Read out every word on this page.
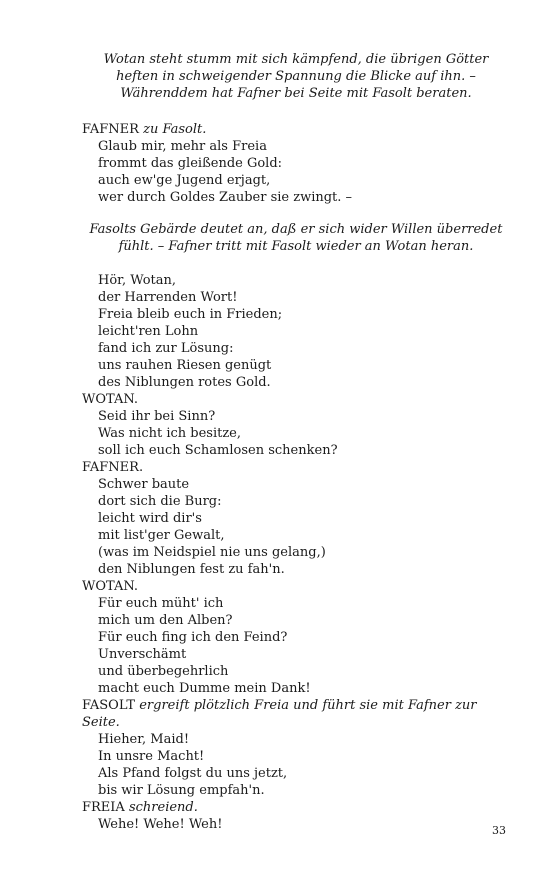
Wotan steht stumm mit sich kämpfend, die übrigen Götter heften in schweigender Spannung die Blicke auf ihn. – Währenddem hat Fafner bei Seite mit Fasolt beraten.

FAFNER zu Fasolt.

Glaub mir, mehr als Freia

frommt das gleißende Gold:

auch ew'ge Jugend erjagt,

wer durch Goldes Zauber sie zwingt. –

Fasolts Gebärde deutet an, daß er sich wider Willen überredet fühlt. – Fafner tritt mit Fasolt wieder an Wotan heran.

Hör, Wotan,

der Harrenden Wort!

Freia bleib euch in Frieden;

leicht'ren Lohn

fand ich zur Lösung:

uns rauhen Riesen genügt

des Niblungen rotes Gold.

WOTAN.

Seid ihr bei Sinn?

Was nicht ich besitze,

soll ich euch Schamlosen schenken?

FAFNER.

Schwer baute

dort sich die Burg:

leicht wird dir's

mit list'ger Gewalt,

(was im Neidspiel nie uns gelang,)

den Niblungen fest zu fah'n.

WOTAN.

Für euch müht' ich

mich um den Alben?

Für euch fing ich den Feind?

Unverschämt

und überbegehrlich

macht euch Dumme mein Dank!

FASOLT ergreift plötzlich Freia und führt sie mit Fafner zur Seite.

Hieher, Maid!

In unsre Macht!

Als Pfand folgst du uns jetzt,

bis wir Lösung empfah'n.

FREIA schreiend.

Wehe! Wehe! Weh!	33
